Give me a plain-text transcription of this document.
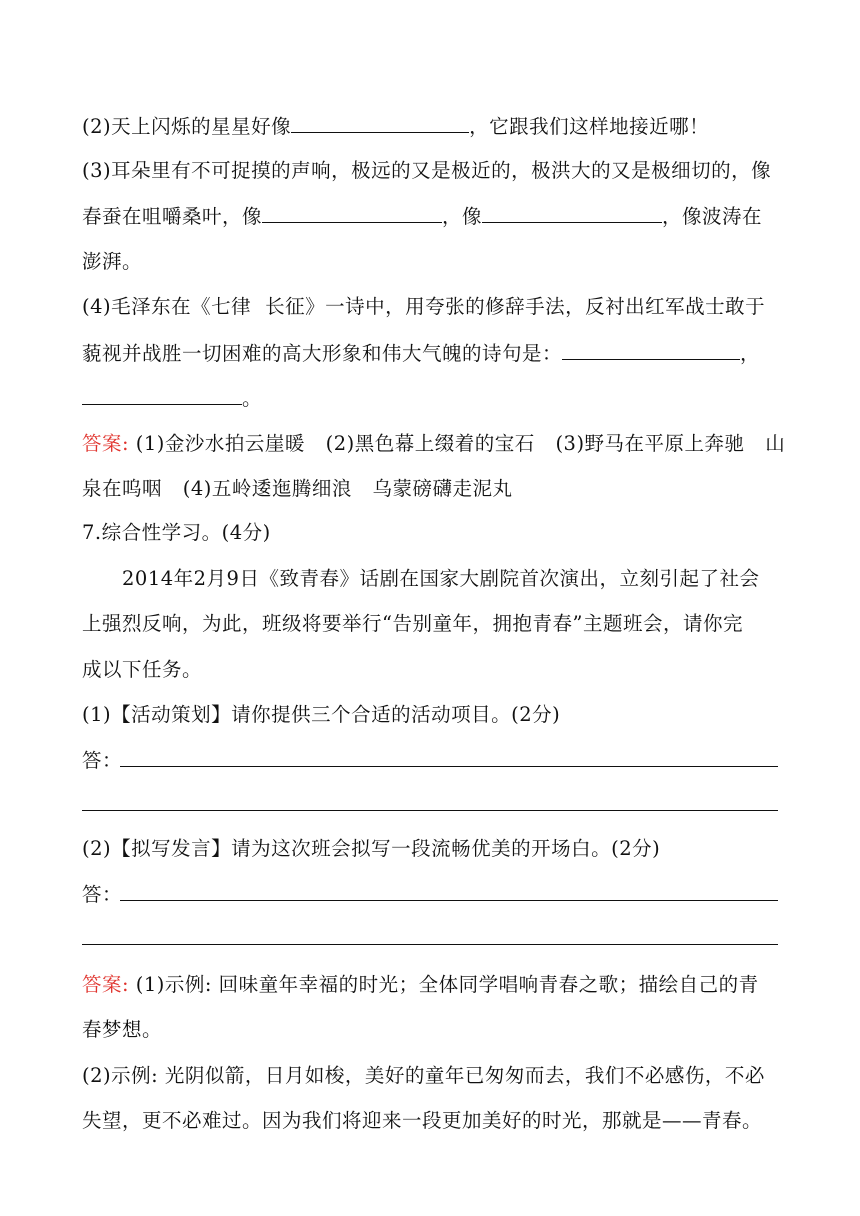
(2)天上闪烁的星星好像	，它跟我们这样地接近哪！
(3)耳朵里有不可捉摸的声响，极远的又是极近的，极洪大的又是极细切的，像
春蚕在咀嚼桑叶，像	，像	，像波涛在
澎湃。
(4)毛泽东在《七律 长征》一诗中，用夸张的修辞手法，反衬出红军战士敢于
藐视并战胜一切困难的高大形象和伟大气魄的诗句是：	，
。
答案: (1)金沙水拍云崖暖 (2)黑色幕上缀着的宝石 (3)野马在平原上奔驰 山
泉在呜咽 (4)五岭逶迤腾细浪 乌蒙磅礴走泥丸
7.综合性学习。(4分)
2014年2月9日《致青春》话剧在国家大剧院首次演出，立刻引起了社会
上强烈反响，为此，班级将要举行“告别童年，拥抱青春”主题班会，请你完
成以下任务。
(1)【活动策划】请你提供三个合适的活动项目。(2分)
答：
(2)【拟写发言】请为这次班会拟写一段流畅优美的开场白。(2分)
答：
答案: (1)示例: 回味童年幸福的时光；全体同学唱响青春之歌；描绘自己的青
春梦想。
(2)示例: 光阴似箭，日月如梭，美好的童年已匆匆而去，我们不必感伤，不必
失望，更不必难过。因为我们将迎来一段更加美好的时光，那就是——青春。
